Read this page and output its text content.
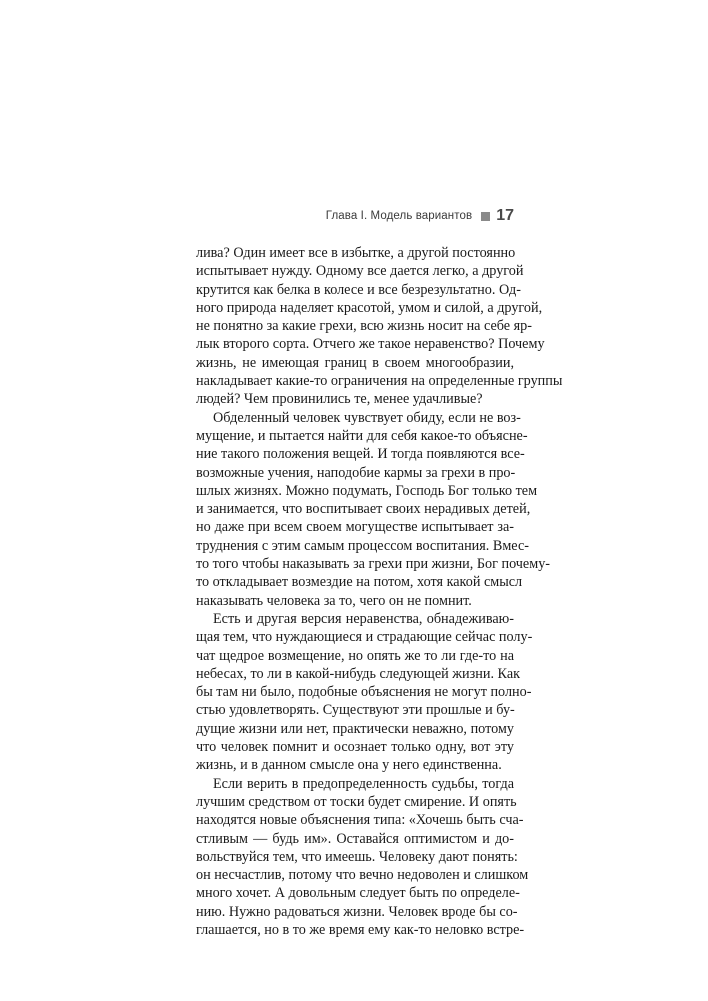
Глава I. Модель вариантов 17
лива? Один имеет все в избытке, а другой постоянно
испытывает нужду. Одному все дается легко, а другой
крутится как белка в колесе и все безрезультатно. Од-
ного природа наделяет красотой, умом и силой, а другой,
не понятно за какие грехи, всю жизнь носит на себе яр-
лык второго сорта. Отчего же такое неравенство? Почему
жизнь, не имеющая границ в своем многообразии,
накладывает какие-то ограничения на определенные группы
людей? Чем провинились те, менее удачливые?
Обделенный человек чувствует обиду, если не воз-
мущение, и пытается найти для себя какое-то объясне-
ние такого положения вещей. И тогда появляются все-
возможные учения, наподобие кармы за грехи в про-
шлых жизнях. Можно подумать, Господь Бог только тем
и занимается, что воспитывает своих нерадивых детей,
но даже при всем своем могуществе испытывает за-
труднения с этим самым процессом воспитания. Вмес-
то того чтобы наказывать за грехи при жизни, Бог почему-
то откладывает возмездие на потом, хотя какой смысл
наказывать человека за то, чего он не помнит.
Есть и другая версия неравенства, обнадеживаю-
щая тем, что нуждающиеся и страдающие сейчас полу-
чат щедрое возмещение, но опять же то ли где-то на
небесах, то ли в какой-нибудь следующей жизни. Как
бы там ни было, подобные объяснения не могут полно-
стью удовлетворять. Существуют эти прошлые и бу-
дущие жизни или нет, практически неважно, потому
что человек помнит и осознает только одну, вот эту
жизнь, и в данном смысле она у него единственна.
Если верить в предопределенность судьбы, тогда
лучшим средством от тоски будет смирение. И опять
находятся новые объяснения типа: «Хочешь быть сча-
стливым — будь им». Оставайся оптимистом и до-
вольствуйся тем, что имеешь. Человеку дают понять:
он несчастлив, потому что вечно недоволен и слишком
много хочет. А довольным следует быть по определе-
нию. Нужно радоваться жизни. Человек вроде бы со-
глашается, но в то же время ему как-то неловко встре-
